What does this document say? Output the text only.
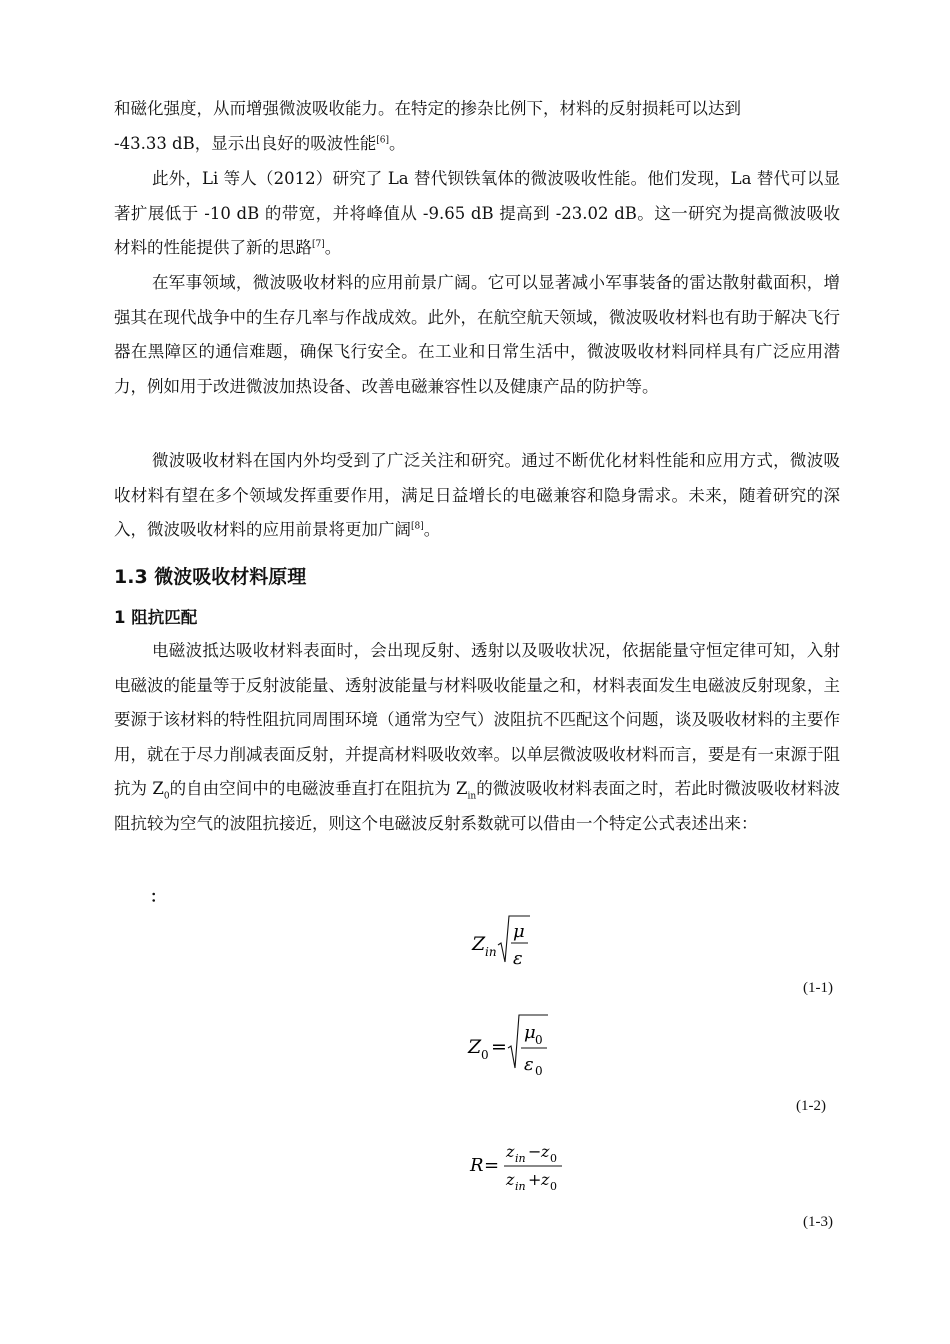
和磁化强度，从而增强微波吸收能力。在特定的掺杂比例下，材料的反射损耗可以达到
-43.33 dB，显示出良好的吸波性能[6]。
此外，Li 等人（2012）研究了 La 替代钡铁氧体的微波吸收性能。他们发现，La 替代可以显著扩展低于 -10 dB 的带宽，并将峰值从 -9.65 dB 提高到 -23.02 dB。这一研究为提高微波吸收材料的性能提供了新的思路[7]。
在军事领域，微波吸收材料的应用前景广阔。它可以显著减小军事装备的雷达散射截面积，增强其在现代战争中的生存几率与作战成效。此外，在航空航天领域，微波吸收材料也有助于解决飞行器在黑障区的通信难题，确保飞行安全。在工业和日常生活中，微波吸收材料同样具有广泛应用潜力，例如用于改进微波加热设备、改善电磁兼容性以及健康产品的防护等。
微波吸收材料在国内外均受到了广泛关注和研究。通过不断优化材料性能和应用方式，微波吸收材料有望在多个领域发挥重要作用，满足日益增长的电磁兼容和隐身需求。未来，随着研究的深入，微波吸收材料的应用前景将更加广阔[8]。
1.3 微波吸收材料原理
1 阻抗匹配
电磁波抵达吸收材料表面时，会出现反射、透射以及吸收状况，依据能量守恒定律可知，入射电磁波的能量等于反射波能量、透射波能量与材料吸收能量之和，材料表面发生电磁波反射现象，主要源于该材料的特性阻抗同周围环境（通常为空气）波阻抗不匹配这个问题，谈及吸收材料的主要作用，就在于尽力削减表面反射，并提高材料吸收效率。以单层微波吸收材料而言，要是有一束源于阻抗为 $Z_0$的自由空间中的电磁波垂直打在阻抗为 $Z_{in}$的微波吸收材料表面之时，若此时微波吸收材料波阻抗较为空气的波阻抗接近，则这个电磁波反射系数就可以借由一个特定公式表述出来：
：
Z in
μ
ε
(1-1)
Z 0 =
μ 0
ε 0
(1-2)
R =
z in − z 0
z in + z 0
(1-3)
